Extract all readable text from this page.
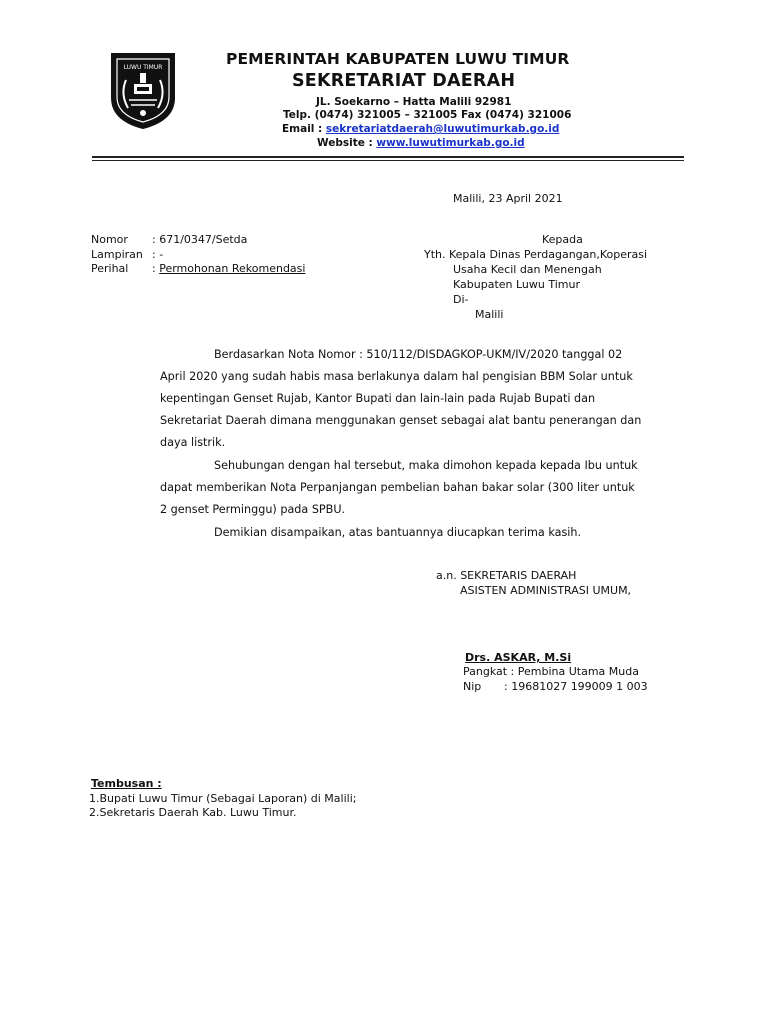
LUWU TIMUR	PEMERINTAH KABUPATEN LUWU TIMUR
SEKRETARIAT DAERAH
JL. Soekarno – Hatta Malili 92981
Telp. (0474) 321005 – 321005 Fax (0474) 321006
Email : sekretariatdaerah@luwutimurkab.go.id
Website : www.luwutimurkab.go.id
Malili, 23 April 2021
Nomor : 671/0347/Setda
Lampiran : -
Perihal : Permohonan Rekomendasi
Kepada
Yth. Kepala Dinas Perdagangan,Koperasi
Usaha Kecil dan Menengah
Kabupaten Luwu Timur
Di-
Malili
Berdasarkan Nota Nomor : 510/112/DISDAGKOP-UKM/IV/2020 tanggal 02
April 2020 yang sudah habis masa berlakunya dalam hal pengisian BBM Solar untuk
kepentingan Genset Rujab, Kantor Bupati dan lain-lain pada Rujab Bupati dan
Sekretariat Daerah dimana menggunakan genset sebagai alat bantu penerangan dan
daya listrik.
Sehubungan dengan hal tersebut, maka dimohon kepada kepada Ibu untuk
dapat memberikan Nota Perpanjangan pembelian bahan bakar solar (300 liter untuk
2 genset Perminggu) pada SPBU.
Demikian disampaikan, atas bantuannya diucapkan terima kasih.
a.n. SEKRETARIS DAERAH
ASISTEN ADMINISTRASI UMUM,
Drs. ASKAR, M.Si
Pangkat : Pembina Utama Muda
Nip : 19681027 199009 1 003
Tembusan :
1.Bupati Luwu Timur (Sebagai Laporan) di Malili;
2.Sekretaris Daerah Kab. Luwu Timur.
